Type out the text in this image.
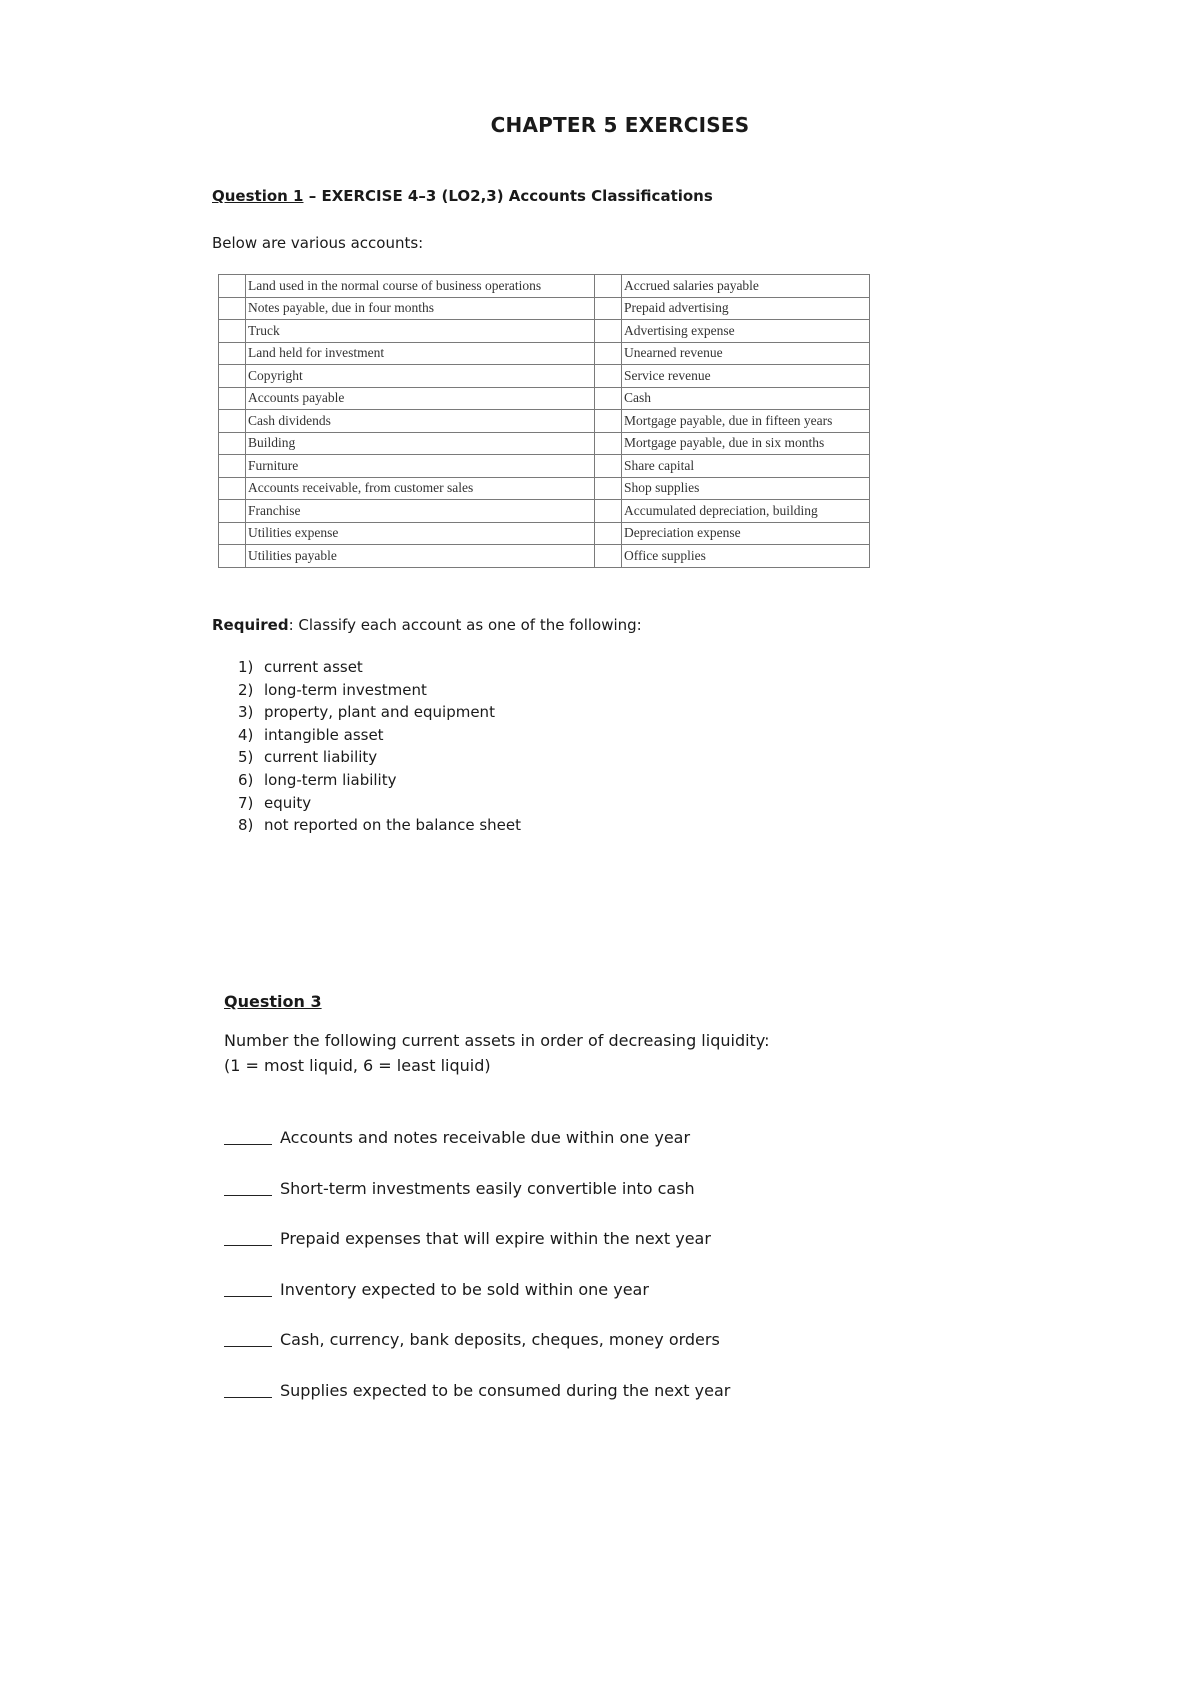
CHAPTER 5 EXERCISES
Question 1 – EXERCISE 4–3 (LO2,3) Accounts Classifications
Below are various accounts:
	Land used in the normal course of business operations		Accrued salaries payable
	Notes payable, due in four months		Prepaid advertising
	Truck		Advertising expense
	Land held for investment		Unearned revenue
	Copyright		Service revenue
	Accounts payable		Cash
	Cash dividends		Mortgage payable, due in fifteen years
	Building		Mortgage payable, due in six months
	Furniture		Share capital
	Accounts receivable, from customer sales		Shop supplies
	Franchise		Accumulated depreciation, building
	Utilities expense		Depreciation expense
	Utilities payable		Office supplies
Required: Classify each account as one of the following:
1) current asset
2) long-term investment
3) property, plant and equipment
4) intangible asset
5) current liability
6) long-term liability
7) equity
8) not reported on the balance sheet
Question 3
Number the following current assets in order of decreasing liquidity:
(1 = most liquid, 6 = least liquid)
Accounts and notes receivable due within one year
Short-term investments easily convertible into cash
Prepaid expenses that will expire within the next year
Inventory expected to be sold within one year
Cash, currency, bank deposits, cheques, money orders
Supplies expected to be consumed during the next year
